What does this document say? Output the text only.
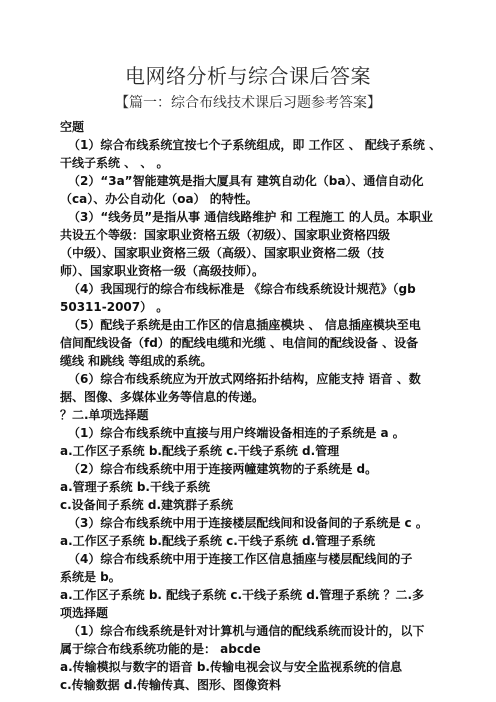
电网络分析与综合课后答案
【篇一：综合布线技术课后习题参考答案】
空题
（1）综合布线系统宜按七个子系统组成，即 工作区 、 配线子系统 、
干线子系统 、 、 。
（2）“3a”智能建筑是指大厦具有 建筑自动化（ba）、通信自动化
（ca）、办公自动化（oa） 的特性。
（3）“线务员”是指从事 通信线路维护 和 工程施工 的人员。本职业
共设五个等级：国家职业资格五级（初级）、国家职业资格四级
（中级）、国家职业资格三级（高级）、国家职业资格二级（技
师）、国家职业资格一级（高级技师）。
（4）我国现行的综合布线标准是 《综合布线系统设计规范》（gb
50311-2007） 。
（5）配线子系统是由工作区的信息插座模块 、 信息插座模块至电
信间配线设备（fd）的配线电缆和光缆 、电信间的配线设备 、设备
缆线 和跳线 等组成的系统。
（6）综合布线系统应为开放式网络拓扑结构，应能支持 语音 、数
据、图像、多媒体业务等信息的传递。
？二.单项选择题
（1）综合布线系统中直接与用户终端设备相连的子系统是 a 。
a.工作区子系统 b.配线子系统 c.干线子系统 d.管理
（2）综合布线系统中用于连接两幢建筑物的子系统是 d。
a.管理子系统 b.干线子系统
c.设备间子系统 d.建筑群子系统
（3）综合布线系统中用于连接楼层配线间和设备间的子系统是 c 。
a.工作区子系统 b.配线子系统 c.干线子系统 d.管理子系统
（4）综合布线系统中用于连接工作区信息插座与楼层配线间的子
系统是 b。
a.工作区子系统 b. 配线子系统 c.干线子系统 d.管理子系统 ？二.多
项选择题
（1）综合布线系统是针对计算机与通信的配线系统而设计的，以下
属于综合布线系统功能的是： abcde
a.传输模拟与数字的语音 b.传输电视会议与安全监视系统的信息
c.传输数据 d.传输传真、图形、图像资料
